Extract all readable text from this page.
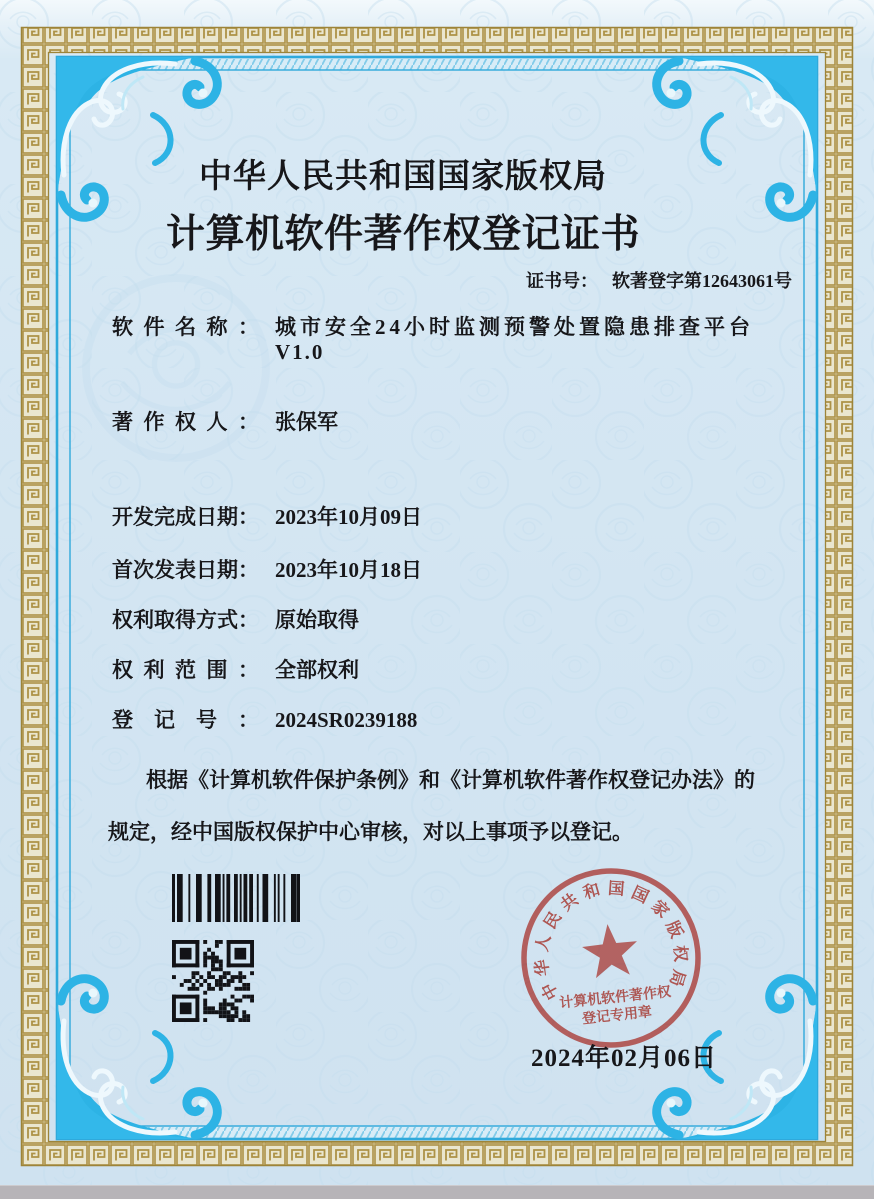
中华人民共和国国家版权局
计算机软件著作权登记证书
证书号： 软著登字第12643061号
软件名称： 城市安全24小时监测预警处置隐患排查平台
V1.0
著作权人： 张保军
开发完成日期： 2023年10月09日
首次发表日期： 2023年10月18日
权利取得方式： 原始取得
权利范围： 全部权利
登记号： 2024SR0239188
根据《计算机软件保护条例》和《计算机软件著作权登记办法》的
规定，经中国版权保护中心审核，对以上事项予以登记。
中华人民共和国国家版权局
计算机软件著作权
登记专用章
2024年02月06日
